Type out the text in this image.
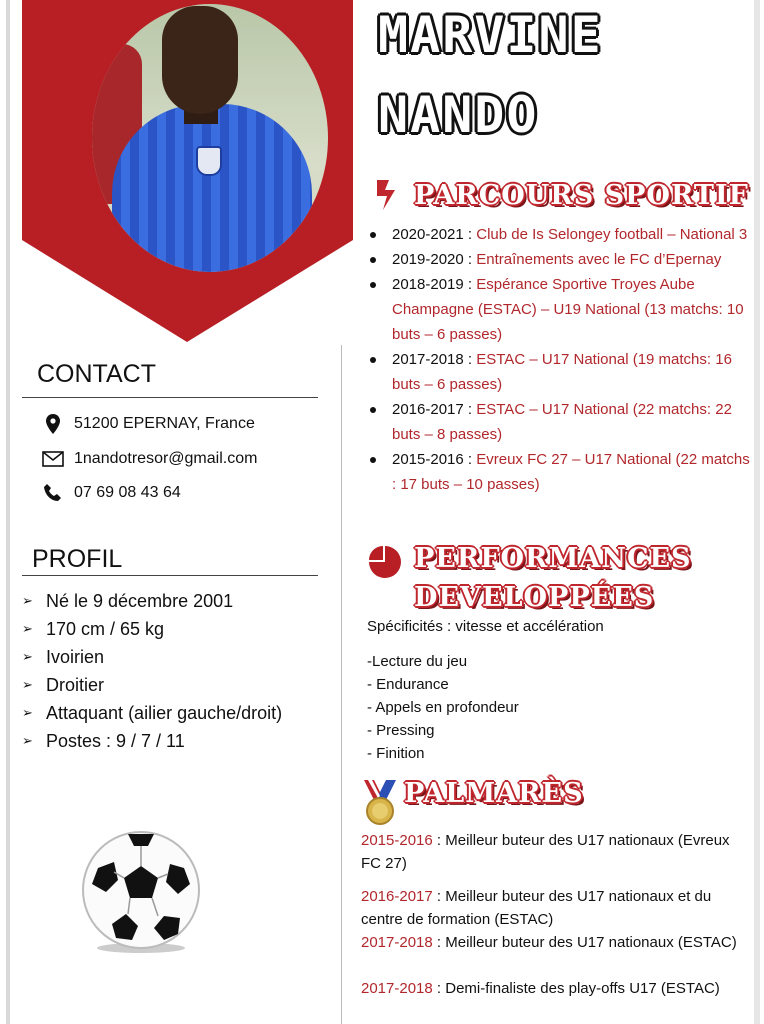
MARVINE
NANDO
PARCOURS SPORTIF
2020-2021 : Club de Is Selongey football – National 3
2019-2020 : Entraînements avec le FC d’Epernay
2018-2019 : Espérance Sportive Troyes Aube Champagne (ESTAC) – U19 National (13 matchs: 10 buts – 6 passes)
2017-2018 : ESTAC – U17 National (19 matchs: 16 buts – 6 passes)
2016-2017 : ESTAC – U17 National (22 matchs: 22 buts – 8 passes)
2015-2016 : Evreux FC 27 – U17 National (22 matchs : 17 buts – 10 passes)
CONTACT
51200 EPERNAY, France
1nandotresor@gmail.com
07 69 08 43 64
PROFIL
➢ Né le 9 décembre 2001
➢ 170 cm / 65 kg
➢ Ivoirien
➢ Droitier
➢ Attaquant (ailier gauche/droit)
➢ Postes : 9 / 7 / 11
PERFORMANCES
DEVELOPPÉES
Spécificités : vitesse et accélération
-Lecture du jeu
- Endurance
- Appels en profondeur
- Pressing
- Finition
PALMARÈS
2015-2016 : Meilleur buteur des U17 nationaux (Evreux FC 27)
2016-2017 : Meilleur buteur des U17 nationaux et du centre de formation (ESTAC)
2017-2018 : Meilleur buteur des U17 nationaux (ESTAC)
2017-2018 : Demi-finaliste des play-offs U17 (ESTAC)
